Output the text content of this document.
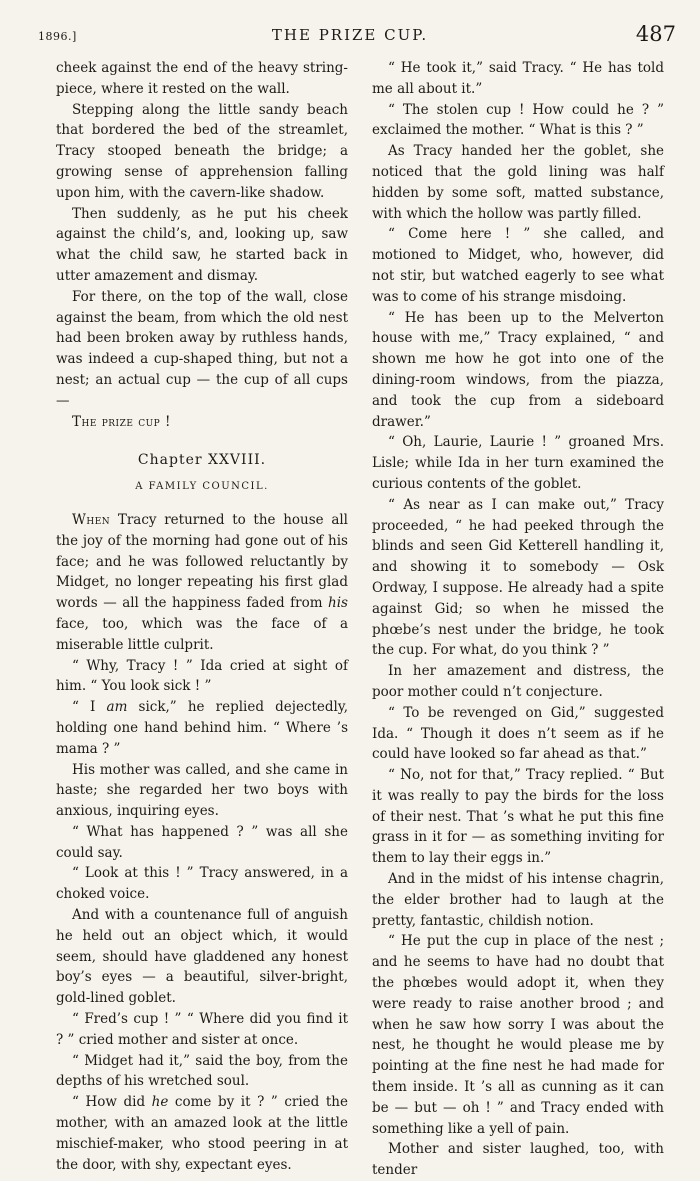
1896.]	THE PRIZE CUP.	487

cheek against the end of the heavy string-piece, where it rested on the wall.

Stepping along the little sandy beach that bordered the bed of the streamlet, Tracy stooped beneath the bridge; a growing sense of apprehension falling upon him, with the cavern-like shadow.

Then suddenly, as he put his cheek against the child’s, and, looking up, saw what the child saw, he started back in utter amazement and dismay.

For there, on the top of the wall, close against the beam, from which the old nest had been broken away by ruthless hands, was indeed a cup-shaped thing, but not a nest; an actual cup — the cup of all cups —

The prize cup !

Chapter XXVIII.

A FAMILY COUNCIL.

When Tracy returned to the house all the joy of the morning had gone out of his face; and he was followed reluctantly by Midget, no longer repeating his first glad words — all the happiness faded from his face, too, which was the face of a miserable little culprit.

“ Why, Tracy ! ” Ida cried at sight of him. “ You look sick ! ”

“ I am sick,” he replied dejectedly, holding one hand behind him. “ Where ’s mama ? ”

His mother was called, and she came in haste; she regarded her two boys with anxious, inquiring eyes.

“ What has happened ? ” was all she could say.

“ Look at this ! ” Tracy answered, in a choked voice.

And with a countenance full of anguish he held out an object which, it would seem, should have gladdened any honest boy’s eyes — a beautiful, silver-bright, gold-lined goblet.

“ Fred’s cup ! ” “ Where did you find it ? ” cried mother and sister at once.

“ Midget had it,” said the boy, from the depths of his wretched soul.

“ How did he come by it ? ” cried the mother, with an amazed look at the little mischief-maker, who stood peering in at the door, with shy, expectant eyes.

“ He took it,” said Tracy. “ He has told me all about it.”

“ The stolen cup ! How could he ? ” exclaimed the mother. “ What is this ? ”

As Tracy handed her the goblet, she noticed that the gold lining was half hidden by some soft, matted substance, with which the hollow was partly filled.

“ Come here ! ” she called, and motioned to Midget, who, however, did not stir, but watched eagerly to see what was to come of his strange misdoing.

“ He has been up to the Melverton house with me,” Tracy explained, “ and shown me how he got into one of the dining-room windows, from the piazza, and took the cup from a sideboard drawer.”

“ Oh, Laurie, Laurie ! ” groaned Mrs. Lisle; while Ida in her turn examined the curious contents of the goblet.

“ As near as I can make out,” Tracy proceeded, “ he had peeked through the blinds and seen Gid Ketterell handling it, and showing it to somebody — Osk Ordway, I suppose. He already had a spite against Gid; so when he missed the phœbe’s nest under the bridge, he took the cup. For what, do you think ? ”

In her amazement and distress, the poor mother could n’t conjecture.

“ To be revenged on Gid,” suggested Ida. “ Though it does n’t seem as if he could have looked so far ahead as that.”

“ No, not for that,” Tracy replied. “ But it was really to pay the birds for the loss of their nest. That ’s what he put this fine grass in it for — as something inviting for them to lay their eggs in.”

And in the midst of his intense chagrin, the elder brother had to laugh at the pretty, fantastic, childish notion.

“ He put the cup in place of the nest ; and he seems to have had no doubt that the phœbes would adopt it, when they were ready to raise another brood ; and when he saw how sorry I was about the nest, he thought he would please me by pointing at the fine nest he had made for them inside. It ’s all as cunning as it can be — but — oh ! ” and Tracy ended with something like a yell of pain.

Mother and sister laughed, too, with tender
